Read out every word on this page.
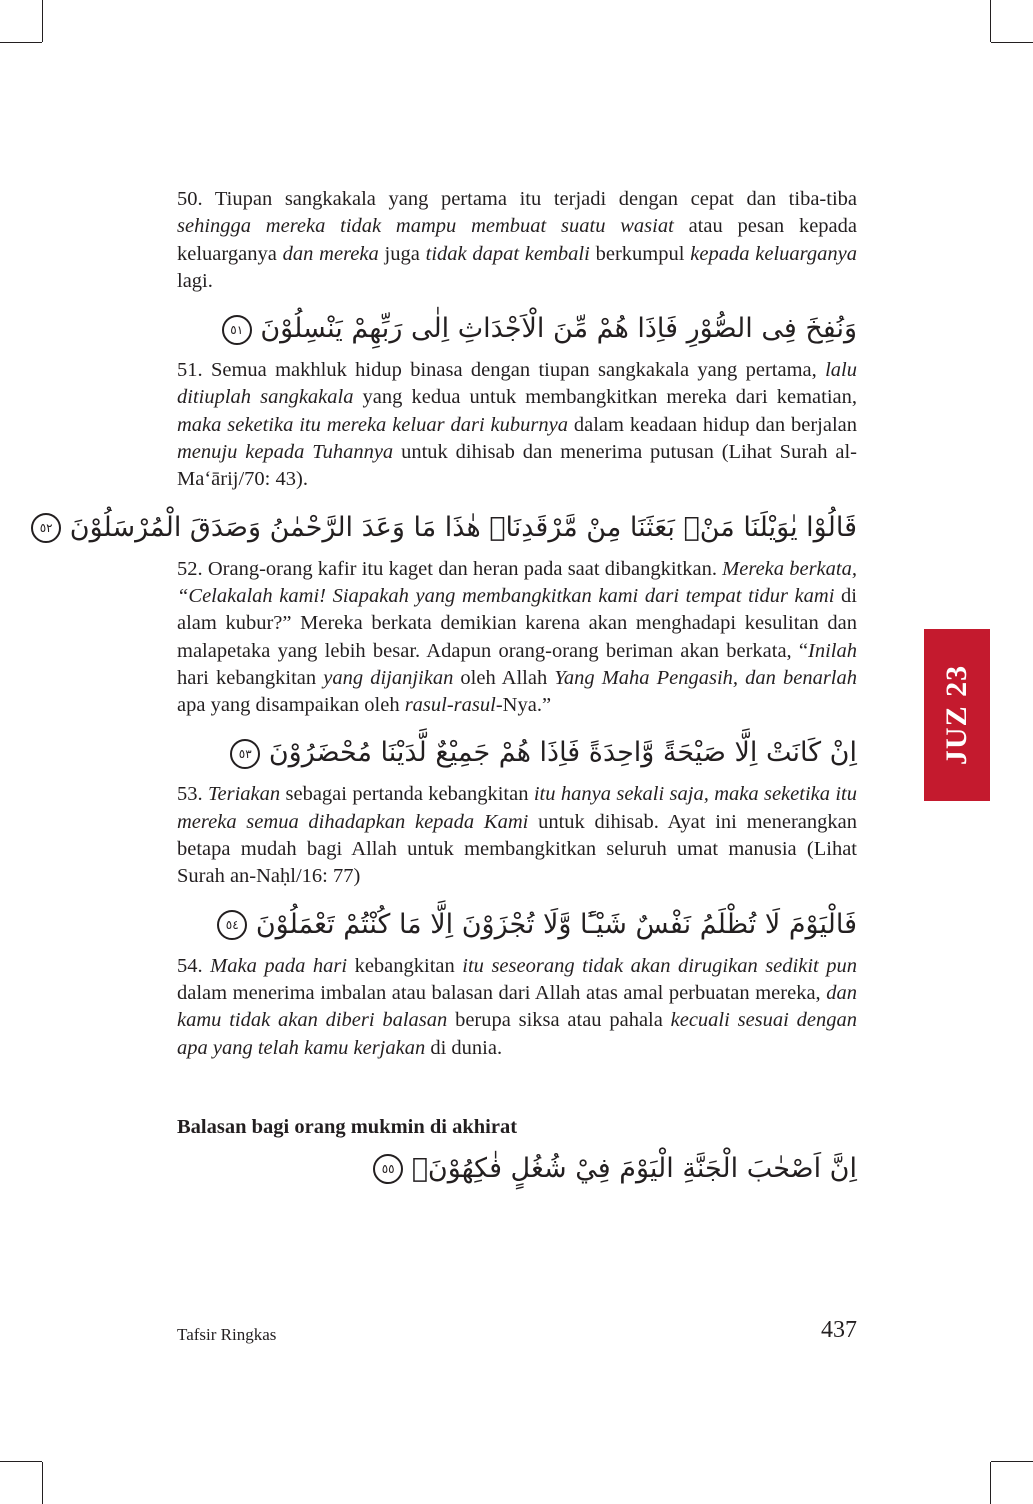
50. Tiupan sangkakala yang pertama itu terjadi dengan cepat dan tiba-tiba sehingga mereka tidak mampu membuat suatu wasiat atau pesan kepada keluarganya dan mereka juga tidak dapat kembali berkumpul kepada keluarganya lagi.

وَنُفِخَ فِى الصُّوْرِ فَاِذَا هُمْ مِّنَ الْاَجْدَاثِ اِلٰى رَبِّهِمْ يَنْسِلُوْنَ ٥١

51. Semua makhluk hidup binasa dengan tiupan sangkakala yang pertama, lalu ditiuplah sangkakala yang kedua untuk membangkitkan mereka dari kematian, maka seketika itu mereka keluar dari kuburnya dalam keadaan hidup dan berjalan menuju kepada Tuhannya untuk dihisab dan menerima putusan (Lihat Surah al-Maʻārij/70: 43).

قَالُوْا يٰوَيْلَنَا مَنْۢ بَعَثَنَا مِنْ مَّرْقَدِنَاۜ هٰذَا مَا وَعَدَ الرَّحْمٰنُ وَصَدَقَ الْمُرْسَلُوْنَ ٥٢

52. Orang-orang kafir itu kaget dan heran pada saat dibangkitkan. Mereka berkata, “Celakalah kami! Siapakah yang membangkitkan kami dari tempat tidur kami di alam kubur?” Mereka berkata demikian karena akan menghadapi kesulitan dan malapetaka yang lebih besar. Adapun orang-orang beriman akan berkata, “Inilah hari kebangkitan yang dijanjikan oleh Allah Yang Maha Pengasih, dan benarlah apa yang disampaikan oleh rasul-rasul-Nya.”

اِنْ كَانَتْ اِلَّا صَيْحَةً وَّاحِدَةً فَاِذَا هُمْ جَمِيْعٌ لَّدَيْنَا مُحْضَرُوْنَ ٥٣

53. Teriakan sebagai pertanda kebangkitan itu hanya sekali saja, maka seketika itu mereka semua dihadapkan kepada Kami untuk dihisab. Ayat ini menerangkan betapa mudah bagi Allah untuk membangkitkan seluruh umat manusia (Lihat Surah an-Naḥl/16: 77)

فَالْيَوْمَ لَا تُظْلَمُ نَفْسٌ شَيْـًٔا وَّلَا تُجْزَوْنَ اِلَّا مَا كُنْتُمْ تَعْمَلُوْنَ ٥٤

54. Maka pada hari kebangkitan itu seseorang tidak akan dirugikan sedikit pun dalam menerima imbalan atau balasan dari Allah atas amal perbuatan mereka, dan kamu tidak akan diberi balasan berupa siksa atau pahala kecuali sesuai dengan apa yang telah kamu kerjakan di dunia.

Balasan bagi orang mukmin di akhirat
اِنَّ اَصْحٰبَ الْجَنَّةِ الْيَوْمَ فِيْ شُغُلٍ فٰكِهُوْنَۚ ٥٥
JUZ 23
Tafsir Ringkas	437
